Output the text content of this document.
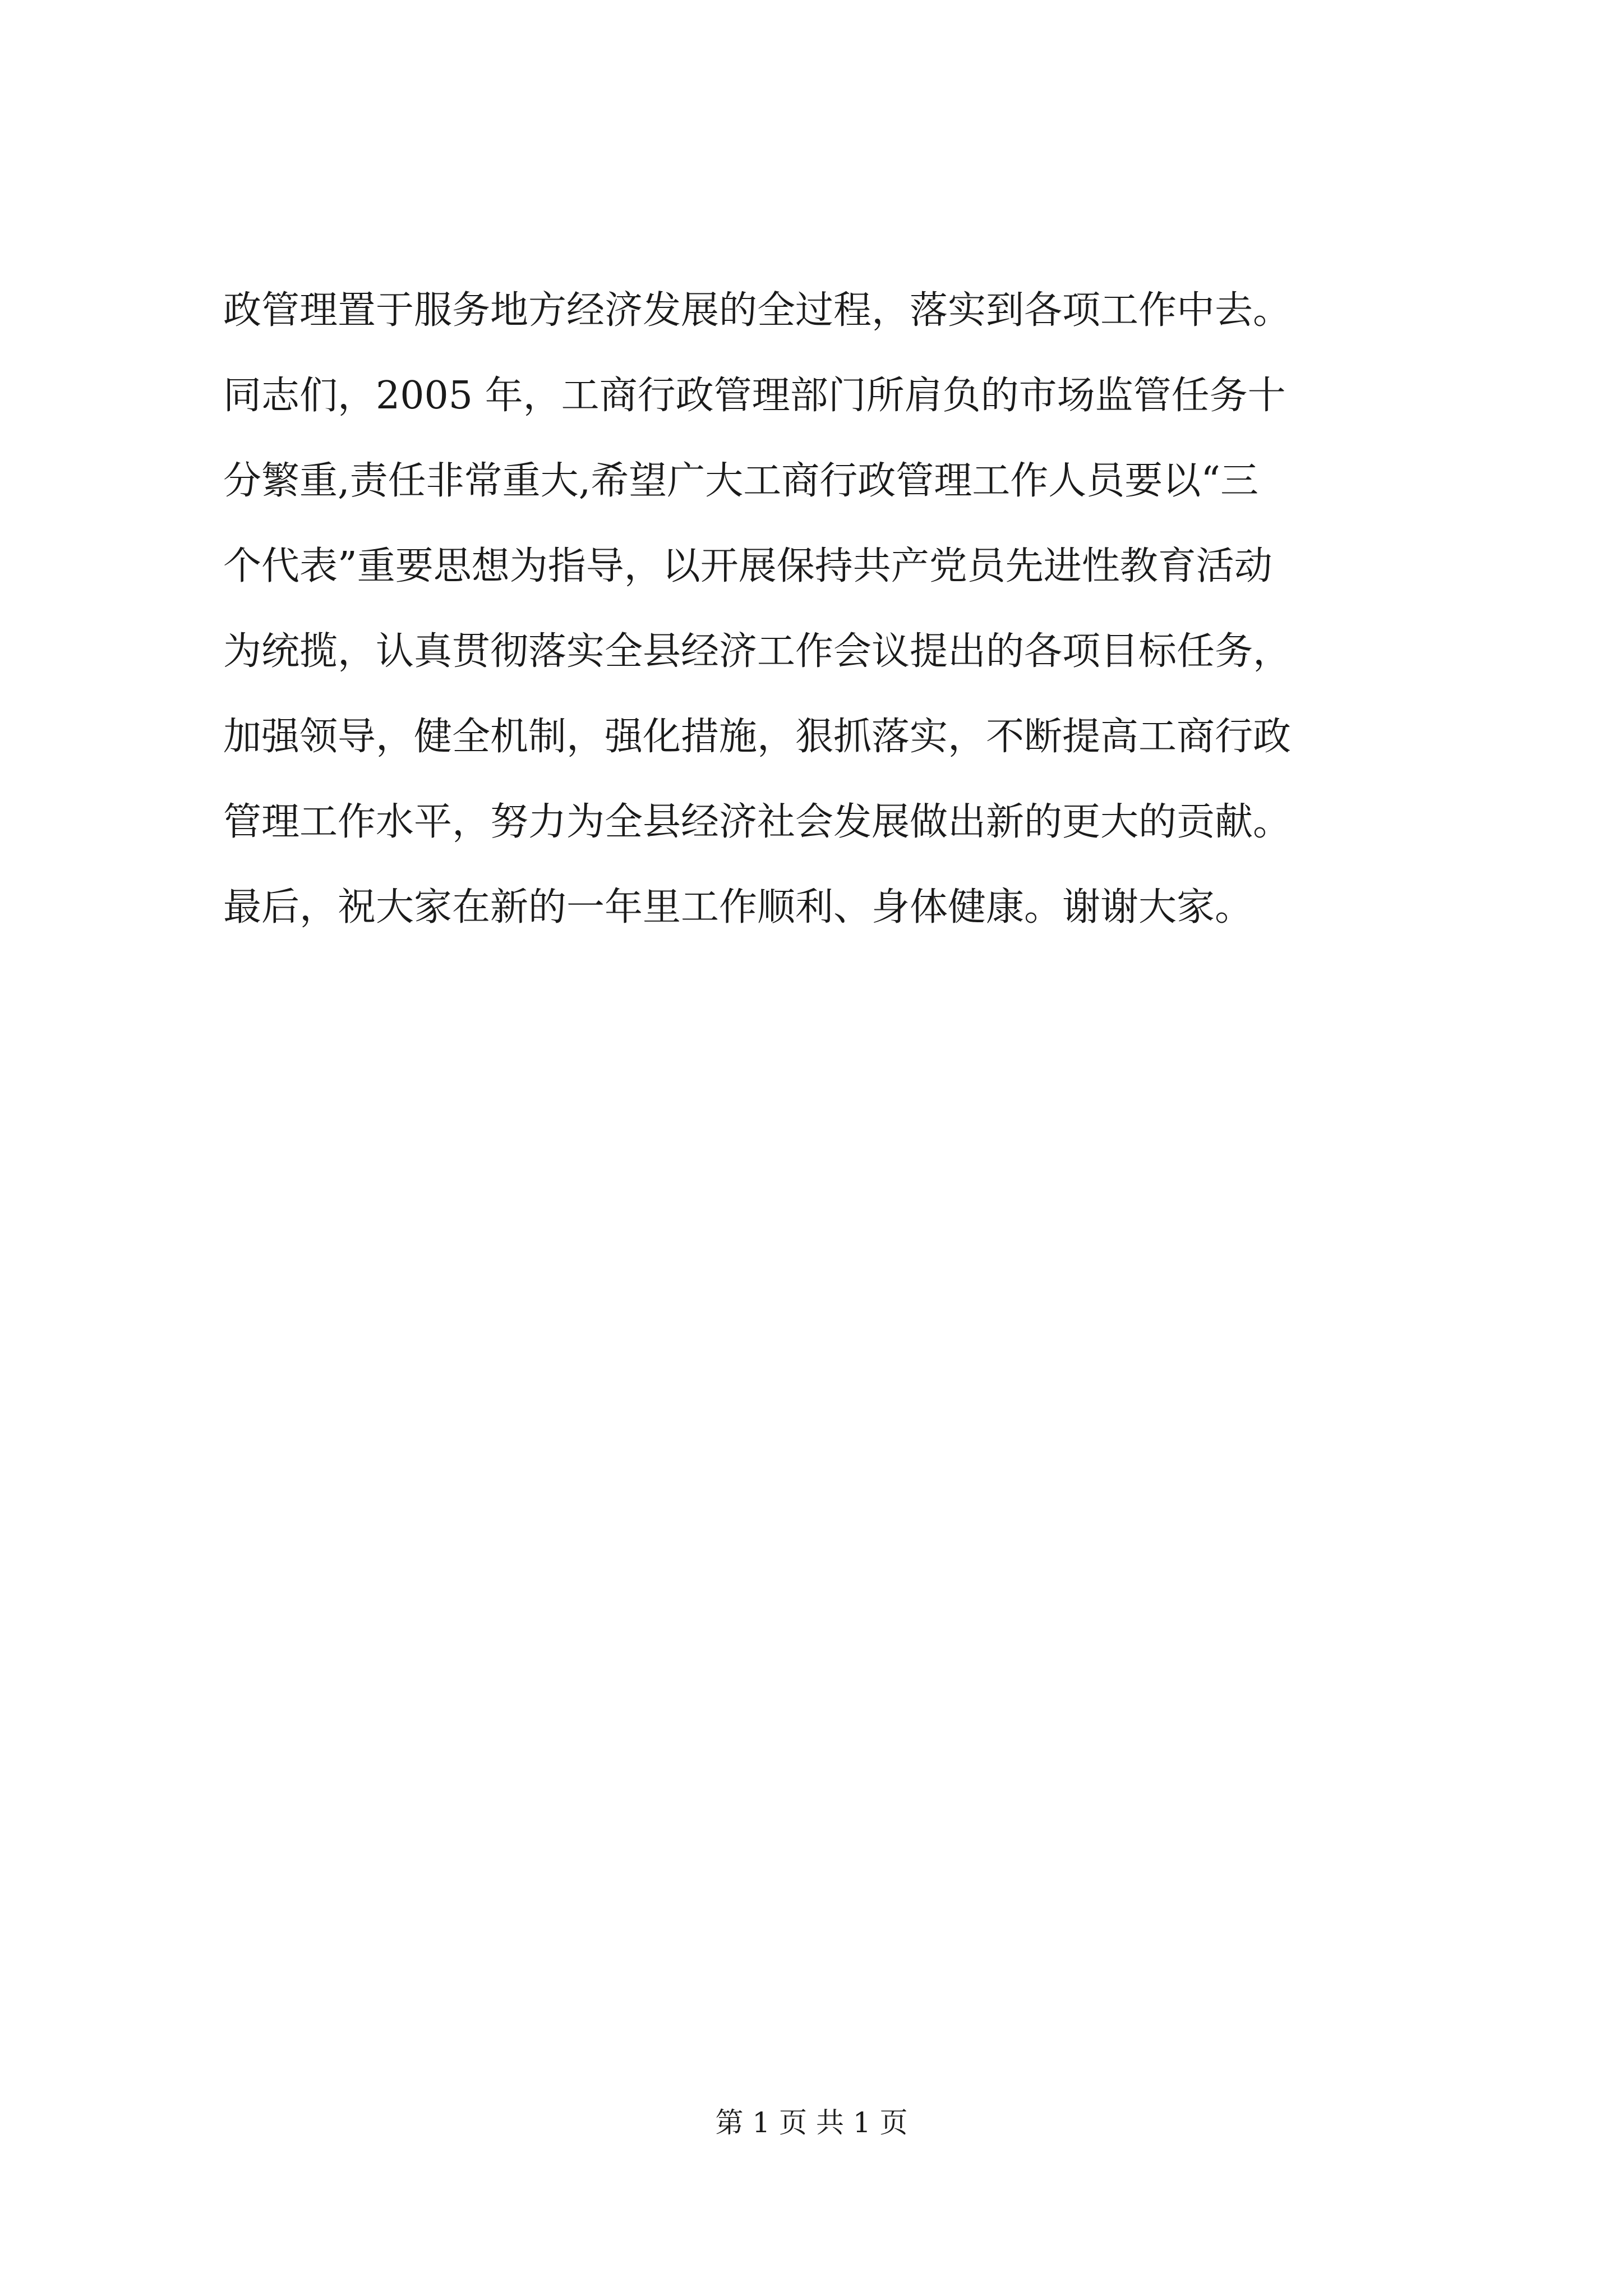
政管理置于服务地方经济发展的全过程，落实到各项工作中去。
同志们，2005 年，工商行政管理部门所肩负的市场监管任务十
分繁重,责任非常重大,希望广大工商行政管理工作人员要以“三
个代表”重要思想为指导，以开展保持共产党员先进性教育活动
为统揽，认真贯彻落实全县经济工作会议提出的各项目标任务，
加强领导，健全机制，强化措施，狠抓落实，不断提高工商行政
管理工作水平，努力为全县经济社会发展做出新的更大的贡献。
最后，祝大家在新的一年里工作顺利、身体健康。谢谢大家。
第 1 页 共 1 页
